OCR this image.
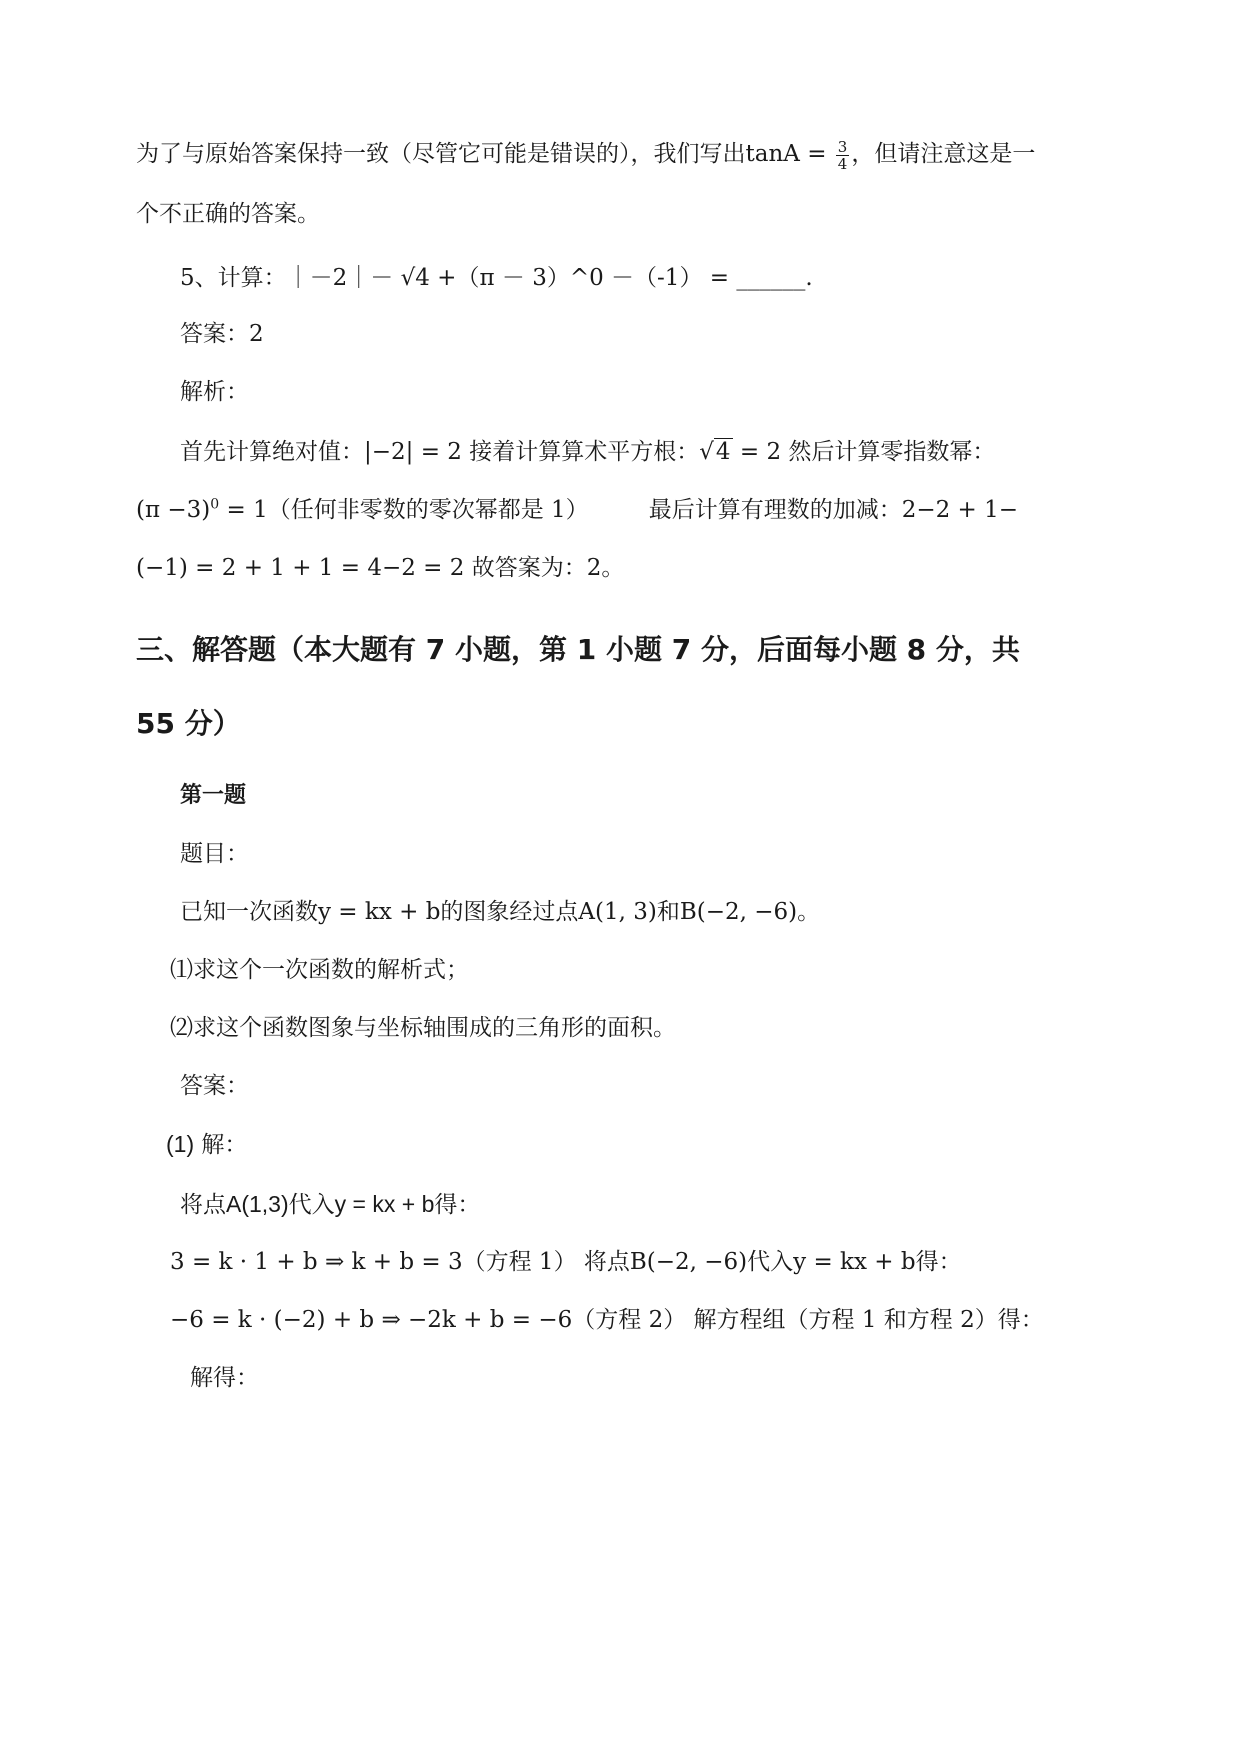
为了与原始答案保持一致（尽管它可能是错误的），我们写出$\tan A = \frac{3}{4}$ ，但请注意这是一
个不正确的答案。
5、计算：｜－2｜－ √4 +（π － 3）^0 －（-1） = ______.
答案：2
解析：
首先计算绝对值：|−2| = 2 接着计算算术平方根：√4 = 2 然后计算零指数幂：
$(\pi -3)^0 = 1$（任何非零数的零次幂都是 1）	最后计算有理数的加减：2−2 + 1−
(−1) = 2 + 1 + 1 = 4−2 = 2 故答案为：2。
三、解答题（本大题有 7 小题，第 1 小题 7 分，后面每小题 8 分，共
55 分）
第一题
题目：
已知一次函数y = kx + b的图象经过点A(1, 3)和B(−2, −6)。
⑴求这个一次函数的解析式；
⑵求这个函数图象与坐标轴围成的三角形的面积。
答案：
(1) 解：
将点A(1,3)代入y = kx + b得：
3 = k · 1 + b ⇒ k + b = 3（方程 1） 将点B(−2, −6)代入y = kx + b得：
−6 = k · (−2) + b ⇒ −2k + b = −6（方程 2） 解方程组（方程 1 和方程 2）得：
解得：
